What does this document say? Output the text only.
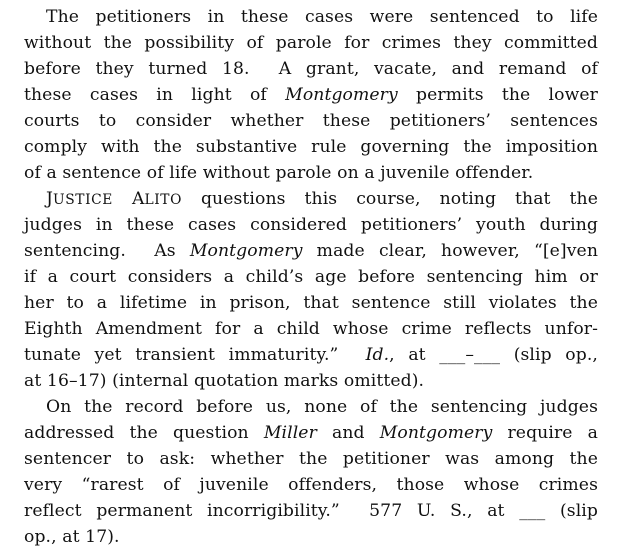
The petitioners in these cases were sentenced to life
without the possibility of parole for crimes they committed
before they turned 18.  A grant, vacate, and remand of
these cases in light of Montgomery permits the lower
courts to consider whether these petitioners’ sentences
comply with the substantive rule governing the imposition
of a sentence of life without parole on a juvenile offender.
JUSTICE ALITO questions this course, noting that the
judges in these cases considered petitioners’ youth during
sentencing.  As Montgomery made clear, however, “[e]ven
if a court considers a child’s age before sentencing him or
her to a lifetime in prison, that sentence still violates the
Eighth Amendment for a child whose crime reflects unfor-
tunate yet transient immaturity.”  Id., at ___–___ (slip op.,
at 16–17) (internal quotation marks omitted).
On the record before us, none of the sentencing judges
addressed the question Miller and Montgomery require a
sentencer to ask: whether the petitioner was among the
very “rarest of juvenile offenders, those whose crimes
reflect permanent incorrigibility.”  577 U. S., at ___ (slip
op., at 17).
